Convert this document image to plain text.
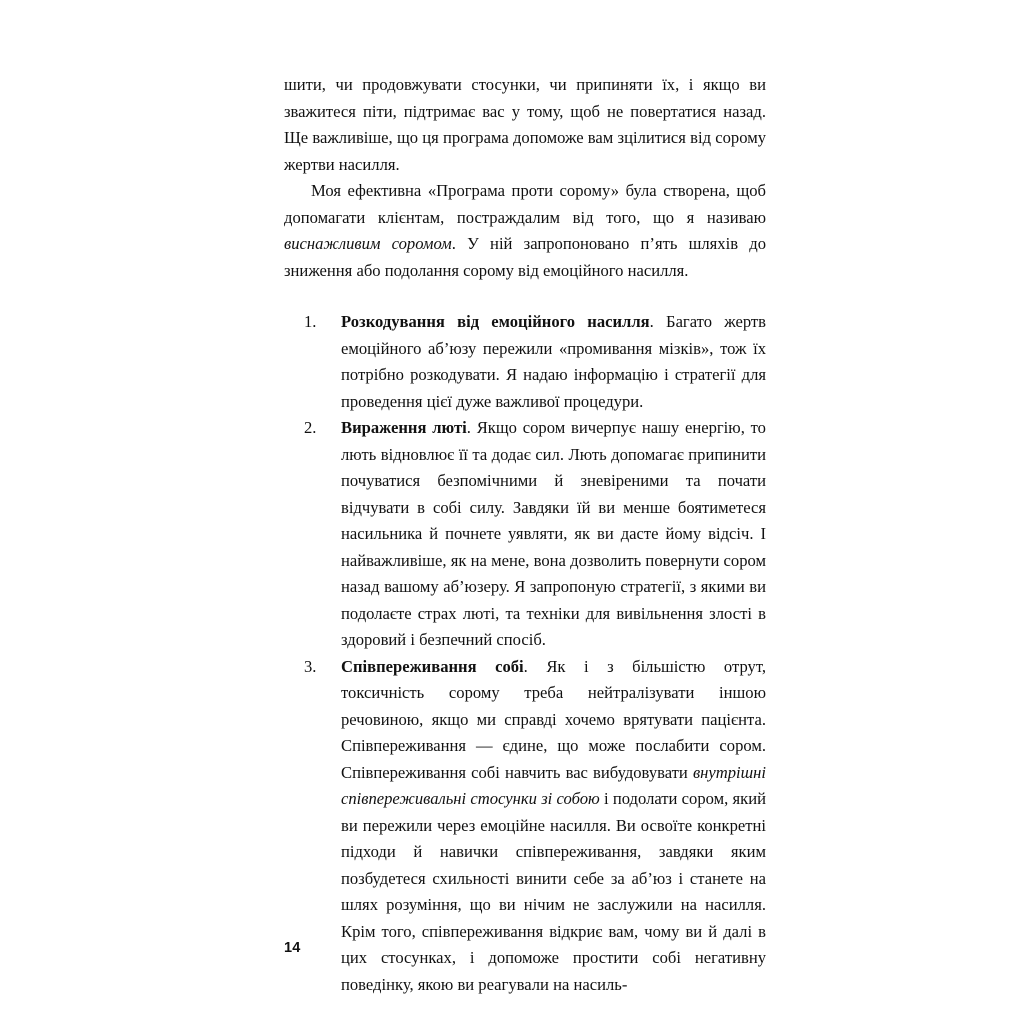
шити, чи продовжувати стосунки, чи припиняти їх, і якщо ви зважитеся піти, підтримає вас у тому, щоб не повертатися назад. Ще важливіше, що ця програма допоможе вам зцілитися від сорому жертви насилля.

Моя ефективна «Програма проти сорому» була створена, щоб допомагати клієнтам, постраждалим від того, що я називаю виснажливим соромом. У ній запропоновано п’ять шляхів до зниження або подолання сорому від емоційного насилля.

1.	Розкодування від емоційного насилля. Багато жертв емоційного аб’юзу пережили «промивання мізків», тож їх потрібно розкодувати. Я надаю інформацію і стратегії для проведення цієї дуже важливої процедури.
2.	Вираження люті. Якщо сором вичерпує нашу енергію, то лють відновлює її та додає сил. Лють допомагає припинити почуватися безпомічними й зневіреними та почати відчувати в собі силу. Завдяки їй ви менше боятиметеся насильника й почнете уявляти, як ви дасте йому відсіч. І найважливіше, як на мене, вона дозволить повернути сором назад вашому аб’юзеру. Я запропоную стратегії, з якими ви подолаєте страх люті, та техніки для вивільнення злості в здоровий і безпечний спосіб.
3.	Співпереживання собі. Як і з більшістю отрут, токсичність сорому треба нейтралізувати іншою речовиною, якщо ми справді хочемо врятувати пацієнта. Співпереживання — єдине, що може послабити сором. Співпереживання собі навчить вас вибудовувати внутрішні співпереживальні стосунки зі собою і подолати сором, який ви пережили через емоційне насилля. Ви освоїте конкретні підходи й навички співпереживання, завдяки яким позбудетеся схильності винити себе за аб’юз і станете на шлях розуміння, що ви нічим не заслужили на насилля. Крім того, співпереживання відкриє вам, чому ви й далі в цих стосунках, і допоможе простити собі негативну поведінку, якою ви реагували на насиль-
14
